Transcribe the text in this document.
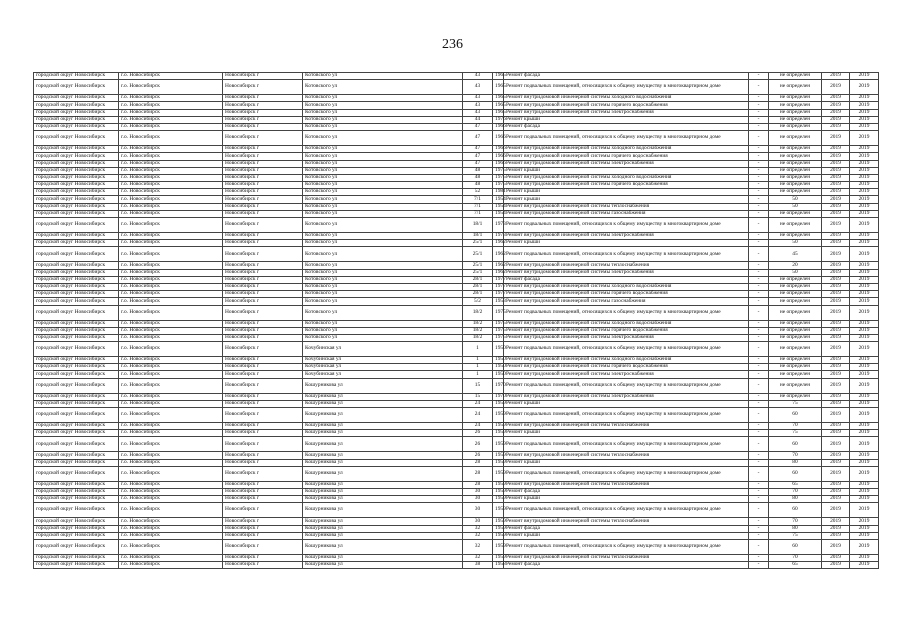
236
городской округ Новосибирск	г.о. Новосибирск	Новосибирск г	Котовского ул	43	1965	Ремонт фасада	-	не определен	2019	2019
городской округ Новосибирск	г.о. Новосибирск	Новосибирск г	Котовского ул	43	1965	Ремонт подвальных помещений, относящихся к общему имуществу в многоквартирном доме	-	не определен	2019	2019
городской округ Новосибирск	г.о. Новосибирск	Новосибирск г	Котовского ул	43	1965	Ремонт внутридомовой инженерной системы холодного водоснабжения	-	не определен	2019	2019
городской округ Новосибирск	г.о. Новосибирск	Новосибирск г	Котовского ул	43	1965	Ремонт внутридомовой инженерной системы горячего водоснабжения	-	не определен	2019	2019
городской округ Новосибирск	г.о. Новосибирск	Новосибирск г	Котовского ул	43	1965	Ремонт внутридомовой инженерной системы электроснабжения	-	не определен	2019	2019
городской округ Новосибирск	г.о. Новосибирск	Новосибирск г	Котовского ул	44	1976	Ремонт крыши	-	не определен	2019	2019
городской округ Новосибирск	г.о. Новосибирск	Новосибирск г	Котовского ул	47	1966	Ремонт фасада	-	не определен	2019	2019
городской округ Новосибирск	г.о. Новосибирск	Новосибирск г	Котовского ул	47	1966	Ремонт подвальных помещений, относящихся к общему имуществу в многоквартирном доме	-	не определен	2019	2019
городской округ Новосибирск	г.о. Новосибирск	Новосибирск г	Котовского ул	47	1966	Ремонт внутридомовой инженерной системы холодного водоснабжения	-	не определен	2019	2019
городской округ Новосибирск	г.о. Новосибирск	Новосибирск г	Котовского ул	47	1966	Ремонт внутридомовой инженерной системы горячего водоснабжения	-	не определен	2019	2019
городской округ Новосибирск	г.о. Новосибирск	Новосибирск г	Котовского ул	47	1966	Ремонт внутридомовой инженерной системы электроснабжения	-	не определен	2019	2019
городской округ Новосибирск	г.о. Новосибирск	Новосибирск г	Котовского ул	48	1975	Ремонт крыши	-	не определен	2019	2019
городской округ Новосибирск	г.о. Новосибирск	Новосибирск г	Котовского ул	48	1975	Ремонт внутридомовой инженерной системы холодного водоснабжения	-	не определен	2019	2019
городской округ Новосибирск	г.о. Новосибирск	Новосибирск г	Котовского ул	48	1975	Ремонт внутридомовой инженерной системы горячего водоснабжения	-	не определен	2019	2019
городской округ Новосибирск	г.о. Новосибирск	Новосибирск г	Котовского ул	52	1981	Ремонт крыши	-	не определен	2019	2019
городской округ Новосибирск	г.о. Новосибирск	Новосибирск г	Котовского ул	7/1	1954	Ремонт крыши	-	50	2019	2019
городской округ Новосибирск	г.о. Новосибирск	Новосибирск г	Котовского ул	7/1	1954	Ремонт внутридомовой инженерной системы теплоснабжения	-	50	2019	2019
городской округ Новосибирск	г.о. Новосибирск	Новосибирск г	Котовского ул	7/1	1954	Ремонт внутридомовой инженерной системы газоснабжения	-	не определен	2019	2019
городской округ Новосибирск	г.о. Новосибирск	Новосибирск г	Котовского ул	18/1	1973	Ремонт подвальных помещений, относящихся к общему имуществу в многоквартирном доме	-	не определен	2019	2019
городской округ Новосибирск	г.о. Новосибирск	Новосибирск г	Котовского ул	18/1	1973	Ремонт внутридомовой инженерной системы электроснабжения	-	не определен	2019	2019
городской округ Новосибирск	г.о. Новосибирск	Новосибирск г	Котовского ул	25/1	1962	Ремонт крыши	-	50	2019	2019
городской округ Новосибирск	г.о. Новосибирск	Новосибирск г	Котовского ул	25/1	1962	Ремонт подвальных помещений, относящихся к общему имуществу в многоквартирном доме	-	45	2019	2019
городской округ Новосибирск	г.о. Новосибирск	Новосибирск г	Котовского ул	25/1	1962	Ремонт внутридомовой инженерной системы теплоснабжения	-	20	2019	2019
городской округ Новосибирск	г.о. Новосибирск	Новосибирск г	Котовского ул	25/1	1962	Ремонт внутридомовой инженерной системы электроснабжения	-	50	2019	2019
городской округ Новосибирск	г.о. Новосибирск	Новосибирск г	Котовского ул	28/1	1977	Ремонт фасада	-	не определен	2019	2019
городской округ Новосибирск	г.о. Новосибирск	Новосибирск г	Котовского ул	28/1	1977	Ремонт внутридомовой инженерной системы холодного водоснабжения	-	не определен	2019	2019
городской округ Новосибирск	г.о. Новосибирск	Новосибирск г	Котовского ул	28/1	1977	Ремонт внутридомовой инженерной системы горячего водоснабжения	-	не определен	2019	2019
городской округ Новосибирск	г.о. Новосибирск	Новосибирск г	Котовского ул	5/2	1953	Ремонт внутридомовой инженерной системы газоснабжения	-	не определен	2019	2019
городской округ Новосибирск	г.о. Новосибирск	Новосибирск г	Котовского ул	18/2	1975	Ремонт подвальных помещений, относящихся к общему имуществу в многоквартирном доме	-	не определен	2019	2019
городской округ Новосибирск	г.о. Новосибирск	Новосибирск г	Котовского ул	18/2	1975	Ремонт внутридомовой инженерной системы холодного водоснабжения	-	не определен	2019	2019
городской округ Новосибирск	г.о. Новосибирск	Новосибирск г	Котовского ул	18/2	1975	Ремонт внутридомовой инженерной системы горячего водоснабжения	-	не определен	2019	2019
городской округ Новосибирск	г.о. Новосибирск	Новосибирск г	Котовского ул	18/2	1975	Ремонт внутридомовой инженерной системы электроснабжения	-	не определен	2019	2019
городской округ Новосибирск	г.о. Новосибирск	Новосибирск г	Кочубинская ул	1	1950	Ремонт подвальных помещений, относящихся к общему имуществу в многоквартирном доме	-	не определен	2019	2019
городской округ Новосибирск	г.о. Новосибирск	Новосибирск г	Кочубинская ул	1	1950	Ремонт внутридомовой инженерной системы холодного водоснабжения	-	не определен	2019	2019
городской округ Новосибирск	г.о. Новосибирск	Новосибирск г	Кочубинская ул	1	1950	Ремонт внутридомовой инженерной системы горячего водоснабжения	-	не определен	2019	2019
городской округ Новосибирск	г.о. Новосибирск	Новосибирск г	Кочубинская ул	1	1950	Ремонт внутридомовой инженерной системы электроснабжения	-	не определен	2019	2019
городской округ Новосибирск	г.о. Новосибирск	Новосибирск г	Кошурникова ул	15	1970	Ремонт подвальных помещений, относящихся к общему имуществу в многоквартирном доме	-	не определен	2019	2019
городской округ Новосибирск	г.о. Новосибирск	Новосибирск г	Кошурникова ул	15	1970	Ремонт внутридомовой инженерной системы электроснабжения	-	не определен	2019	2019
городской округ Новосибирск	г.о. Новосибирск	Новосибирск г	Кошурникова ул	24	1959	Ремонт крыши	-	75	2019	2019
городской округ Новосибирск	г.о. Новосибирск	Новосибирск г	Кошурникова ул	24	1959	Ремонт подвальных помещений, относящихся к общему имуществу в многоквартирном доме	-	60	2019	2019
городской округ Новосибирск	г.о. Новосибирск	Новосибирск г	Кошурникова ул	24	1959	Ремонт внутридомовой инженерной системы теплоснабжения	-	70	2019	2019
городской округ Новосибирск	г.о. Новосибирск	Новосибирск г	Кошурникова ул	26	1959	Ремонт крыши	-	75	2019	2019
городской округ Новосибирск	г.о. Новосибирск	Новосибирск г	Кошурникова ул	26	1959	Ремонт подвальных помещений, относящихся к общему имуществу в многоквартирном доме	-	60	2019	2019
городской округ Новосибирск	г.о. Новосибирск	Новосибирск г	Кошурникова ул	26	1959	Ремонт внутридомовой инженерной системы теплоснабжения	-	70	2019	2019
городской округ Новосибирск	г.о. Новосибирск	Новосибирск г	Кошурникова ул	28	1959	Ремонт крыши	-	80	2019	2019
городской округ Новосибирск	г.о. Новосибирск	Новосибирск г	Кошурникова ул	28	1959	Ремонт подвальных помещений, относящихся к общему имуществу в многоквартирном доме	-	60	2019	2019
городской округ Новосибирск	г.о. Новосибирск	Новосибирск г	Кошурникова ул	28	1959	Ремонт внутридомовой инженерной системы теплоснабжения	-	65	2019	2019
городской округ Новосибирск	г.о. Новосибирск	Новосибирск г	Кошурникова ул	30	1959	Ремонт фасада	-	70	2019	2019
городской округ Новосибирск	г.о. Новосибирск	Новосибирск г	Кошурникова ул	30	1959	Ремонт крыши	-	80	2019	2019
городской округ Новосибирск	г.о. Новосибирск	Новосибирск г	Кошурникова ул	30	1959	Ремонт подвальных помещений, относящихся к общему имуществу в многоквартирном доме	-	60	2019	2019
городской округ Новосибирск	г.о. Новосибирск	Новосибирск г	Кошурникова ул	30	1959	Ремонт внутридомовой инженерной системы теплоснабжения	-	70	2019	2019
городской округ Новосибирск	г.о. Новосибирск	Новосибирск г	Кошурникова ул	32	1959	Ремонт фасада	-	80	2019	2019
городской округ Новосибирск	г.о. Новосибирск	Новосибирск г	Кошурникова ул	32	1959	Ремонт крыши	-	75	2019	2019
городской округ Новосибирск	г.о. Новосибирск	Новосибирск г	Кошурникова ул	32	1959	Ремонт подвальных помещений, относящихся к общему имуществу в многоквартирном доме	-	60	2019	2019
городской округ Новосибирск	г.о. Новосибирск	Новосибирск г	Кошурникова ул	32	1959	Ремонт внутридомовой инженерной системы теплоснабжения	-	70	2019	2019
городской округ Новосибирск	г.о. Новосибирск	Новосибирск г	Кошурникова ул	38	1958	Ремонт фасада	-	65	2019	2019
